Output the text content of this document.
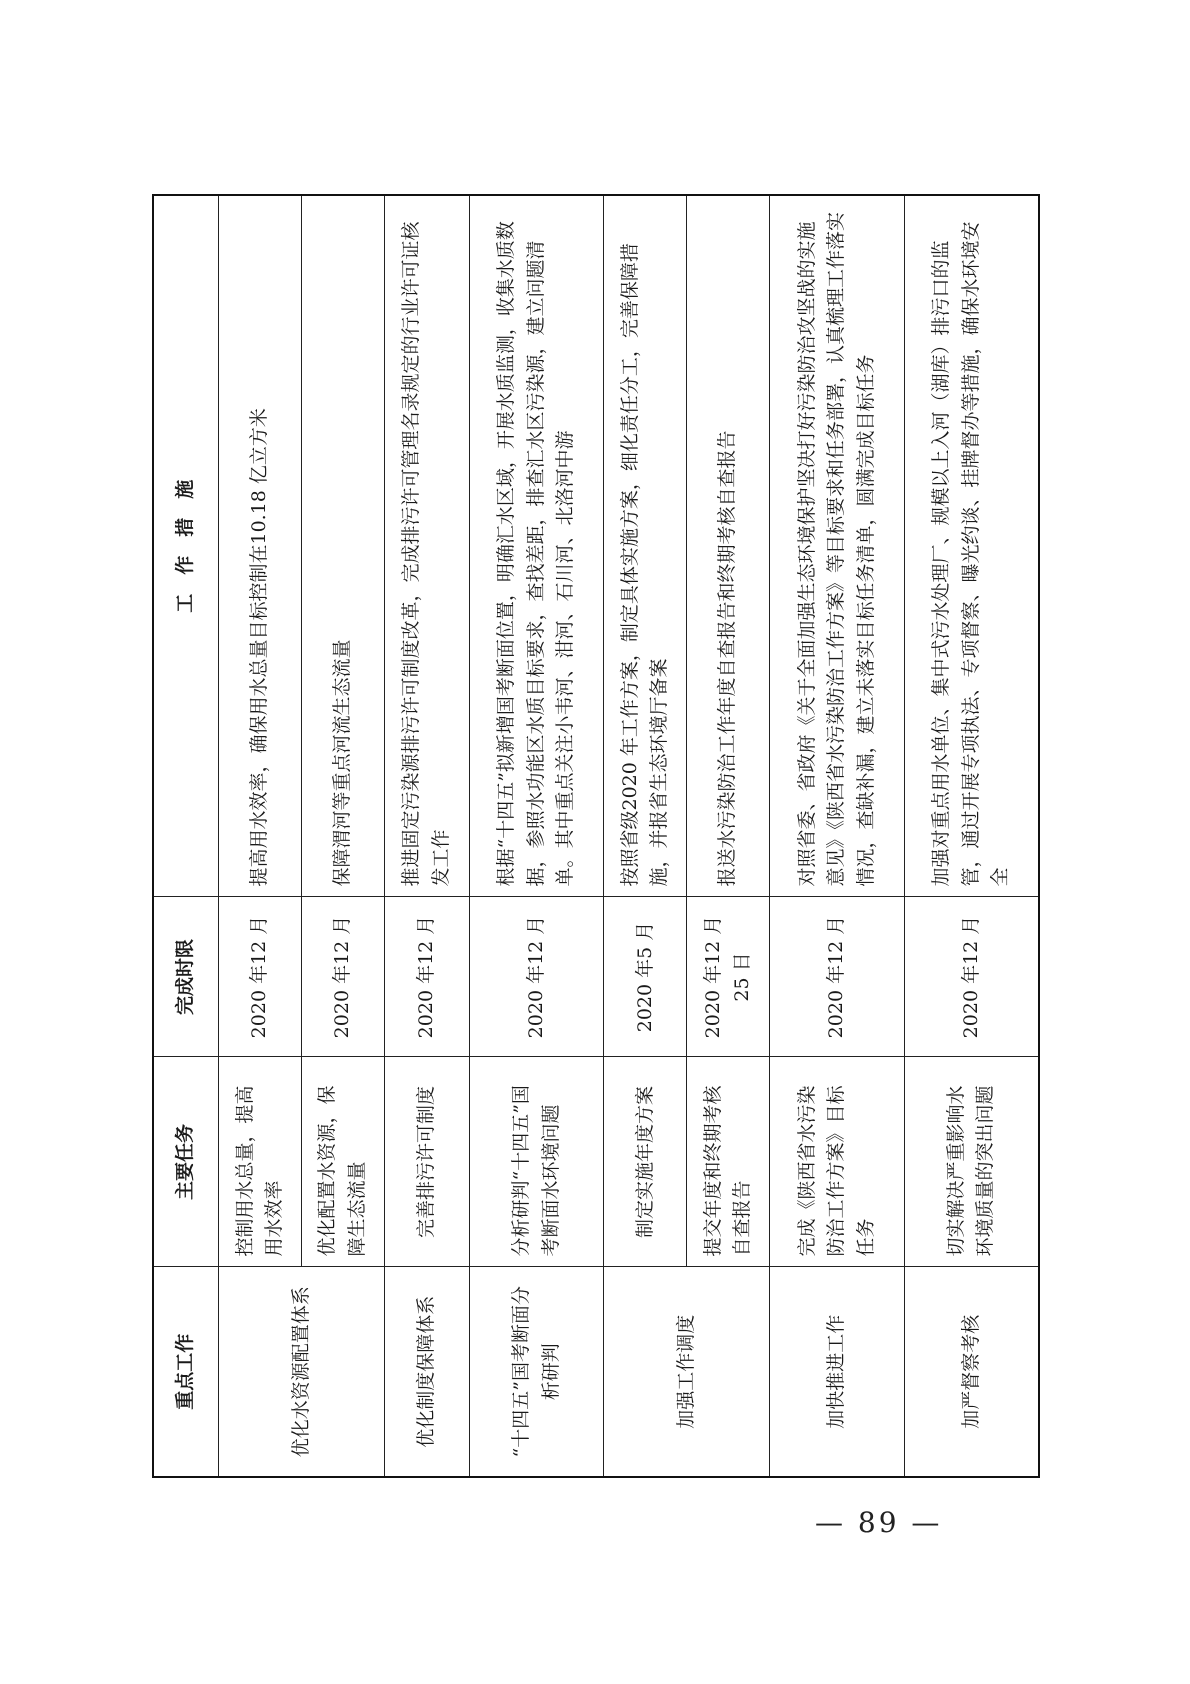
重点工作	主要任务	完成时限	工　作　措　施
优化水资源配置体系	控制用水总量，提高用水效率	2020 年12 月	提高用水效率，确保用水总量目标控制在10.18 亿立方米
	优化配置水资源，保障生态流量	2020 年12 月	保障渭河等重点河流生态流量
优化制度保障体系	完善排污许可制度	2020 年12 月	推进固定污染源排污许可制度改革，完成排污许可管理名录规定的行业许可证核发工作
“十四五”国考断面分析研判	分析研判“十四五”国考断面水环境问题	2020 年12 月	根据“十四五”拟新增国考断面位置，明确汇水区域，开展水质监测，收集水质数据，参照水功能区水质目标要求，查找差距，排查汇水区污染源，建立问题清单。其中重点关注小韦河、泔河、石川河、北洛河中游
加强工作调度	制定实施年度方案	2020 年5 月	按照省级2020 年工作方案，制定具体实施方案，细化责任分工，完善保障措施，并报省生态环境厅备案
	提交年度和终期考核自查报告	2020 年12 月25 日	报送水污染防治工作年度自查报告和终期考核自查报告
加快推进工作	完成《陕西省水污染防治工作方案》目标任务	2020 年12 月	对照省委、省政府《关于全面加强生态环境保护坚决打好污染防治攻坚战的实施意见》《陕西省水污染防治工作方案》等目标要求和任务部署，认真梳理工作落实情况，查缺补漏，建立未落实目标任务清单，圆满完成目标任务
加严督察考核	切实解决严重影响水环境质量的突出问题	2020 年12 月	加强对重点用水单位、集中式污水处理厂、规模以上入河（湖库）排污口的监管，通过开展专项执法、专项督察、曝光约谈、挂牌督办等措施，确保水环境安全
— 89 —
